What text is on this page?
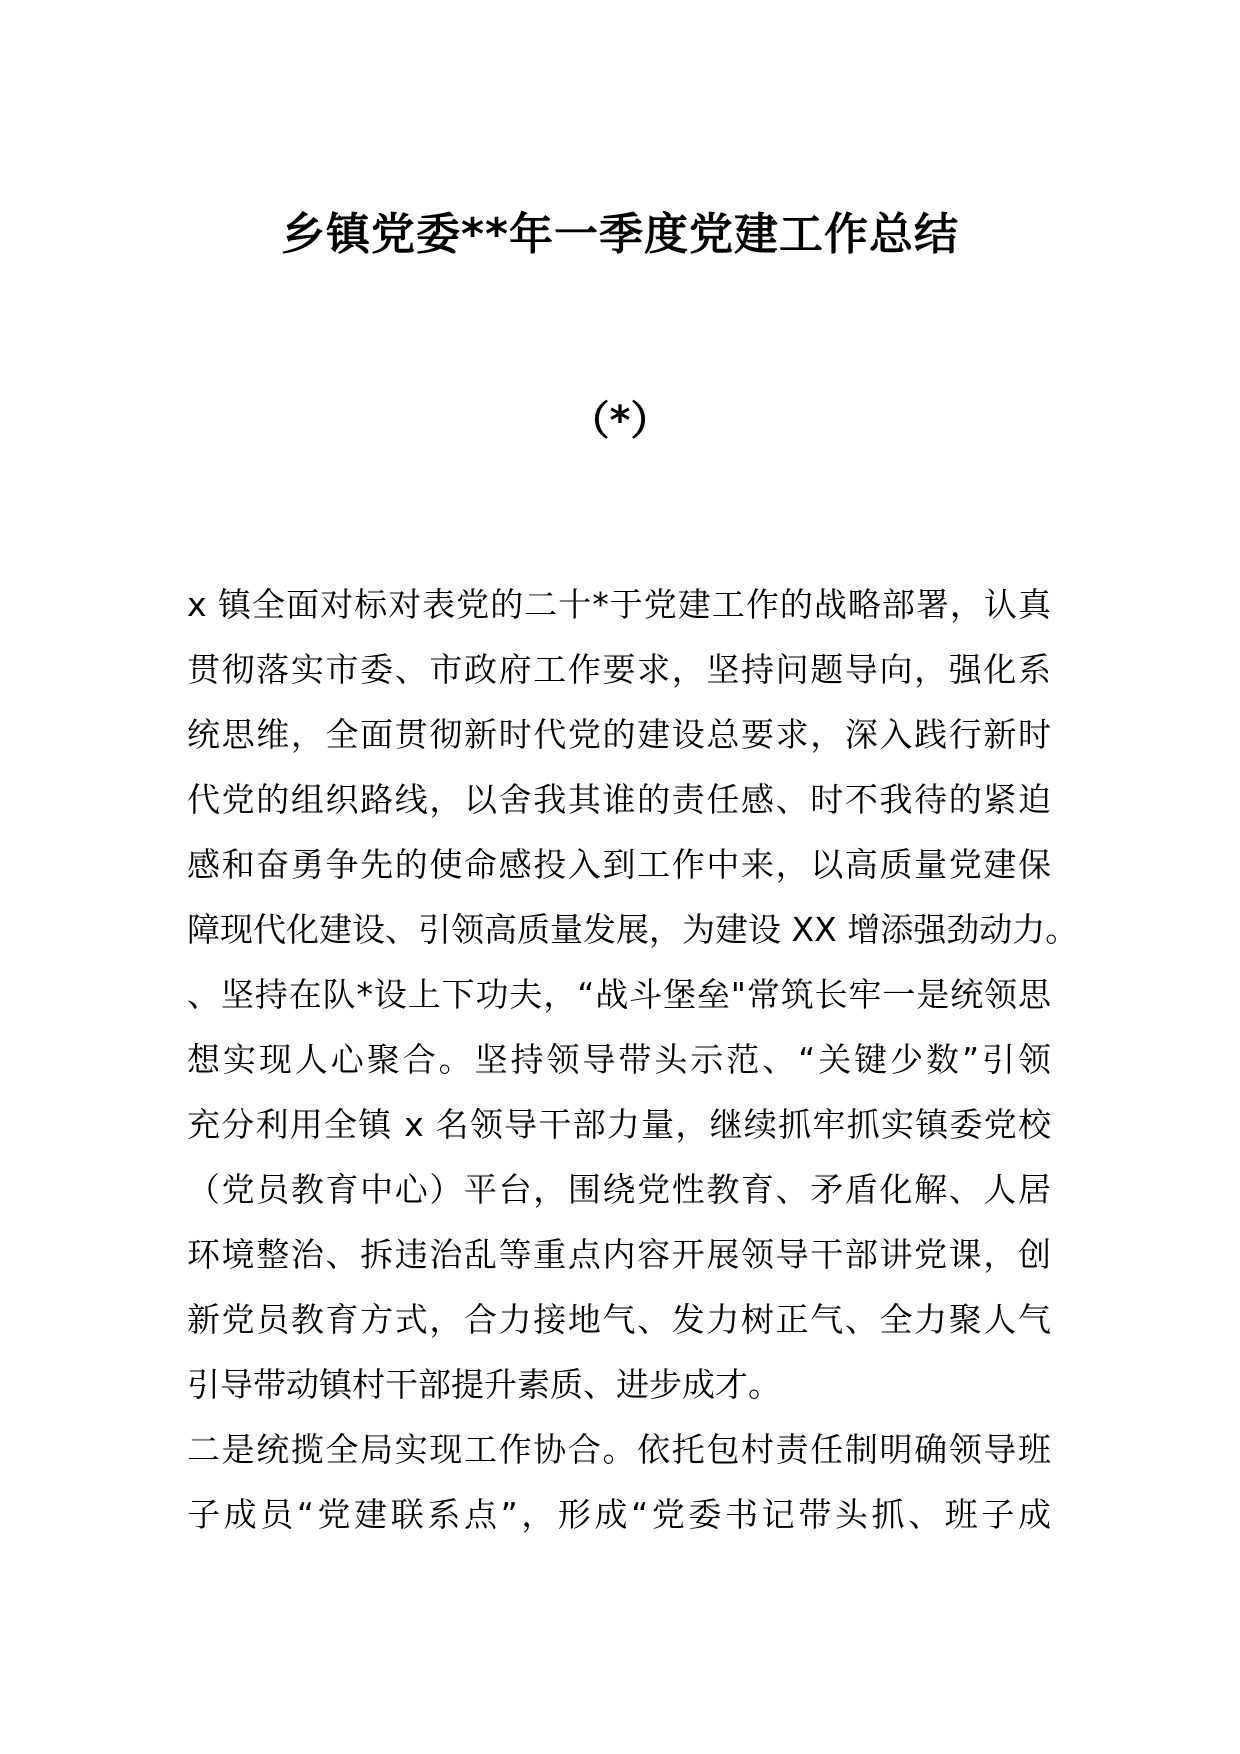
乡镇党委**年一季度党建工作总结
（*）
x 镇全面对标对表党的二十*于党建工作的战略部署，认真
贯彻落实市委、市政府工作要求，坚持问题导向，强化系
统思维，全面贯彻新时代党的建设总要求，深入践行新时
代党的组织路线，以舍我其谁的责任感、时不我待的紧迫
感和奋勇争先的使命感投入到工作中来，以高质量党建保
障现代化建设、引领高质量发展，为建设 XX 增添强劲动力。
、坚持在队*设上下功夫，“战斗堡垒"常筑长牢一是统领思
想实现人心聚合。坚持领导带头示范、“关键少数”引领
充分利用全镇 x 名领导干部力量，继续抓牢抓实镇委党校
（党员教育中心）平台，围绕党性教育、矛盾化解、人居
环境整治、拆违治乱等重点内容开展领导干部讲党课，创
新党员教育方式，合力接地气、发力树正气、全力聚人气
引导带动镇村干部提升素质、进步成才。
二是统揽全局实现工作协合。依托包村责任制明确领导班
子成员“党建联系点”，形成“党委书记带头抓、班子成
